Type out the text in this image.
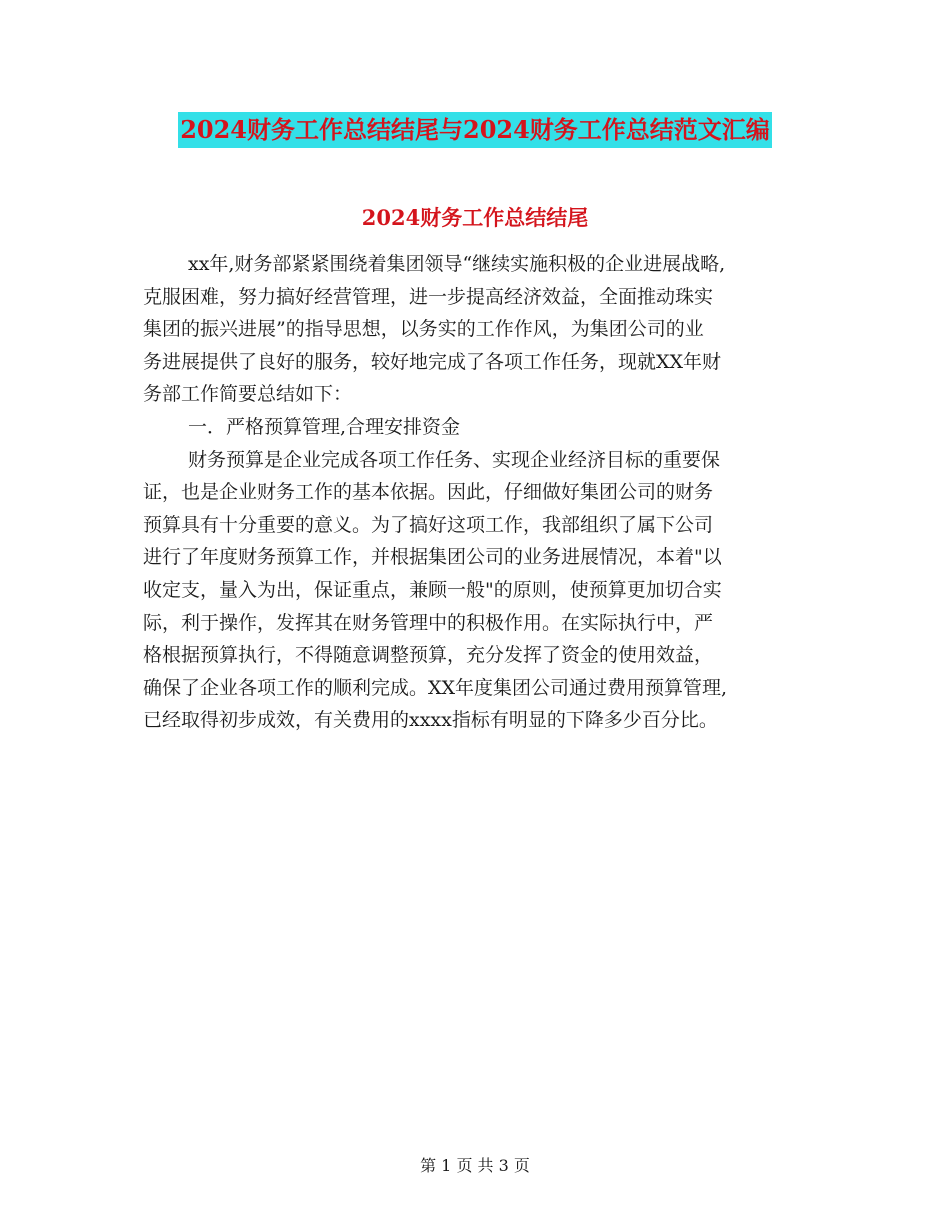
2024财务工作总结结尾与2024财务工作总结范文汇编
2024财务工作总结结尾
xx年,财务部紧紧围绕着集团领导“继续实施积极的企业进展战略,
克服困难，努力搞好经营管理，进一步提高经济效益，全面推动珠实
集团的振兴进展”的指导思想，以务实的工作作风，为集团公司的业
务进展提供了良好的服务，较好地完成了各项工作任务，现就XX年财
务部工作简要总结如下：
一．严格预算管理,合理安排资金
财务预算是企业完成各项工作任务、实现企业经济目标的重要保
证，也是企业财务工作的基本依据。因此，仔细做好集团公司的财务
预算具有十分重要的意义。为了搞好这项工作，我部组织了属下公司
进行了年度财务预算工作，并根据集团公司的业务进展情况，本着"以
收定支，量入为出，保证重点，兼顾一般"的原则，使预算更加切合实
际，利于操作，发挥其在财务管理中的积极作用。在实际执行中，严
格根据预算执行，不得随意调整预算，充分发挥了资金的使用效益，
确保了企业各项工作的顺利完成。XX年度集团公司通过费用预算管理,
已经取得初步成效，有关费用的xxxx指标有明显的下降多少百分比。
第 1 页 共 3 页
